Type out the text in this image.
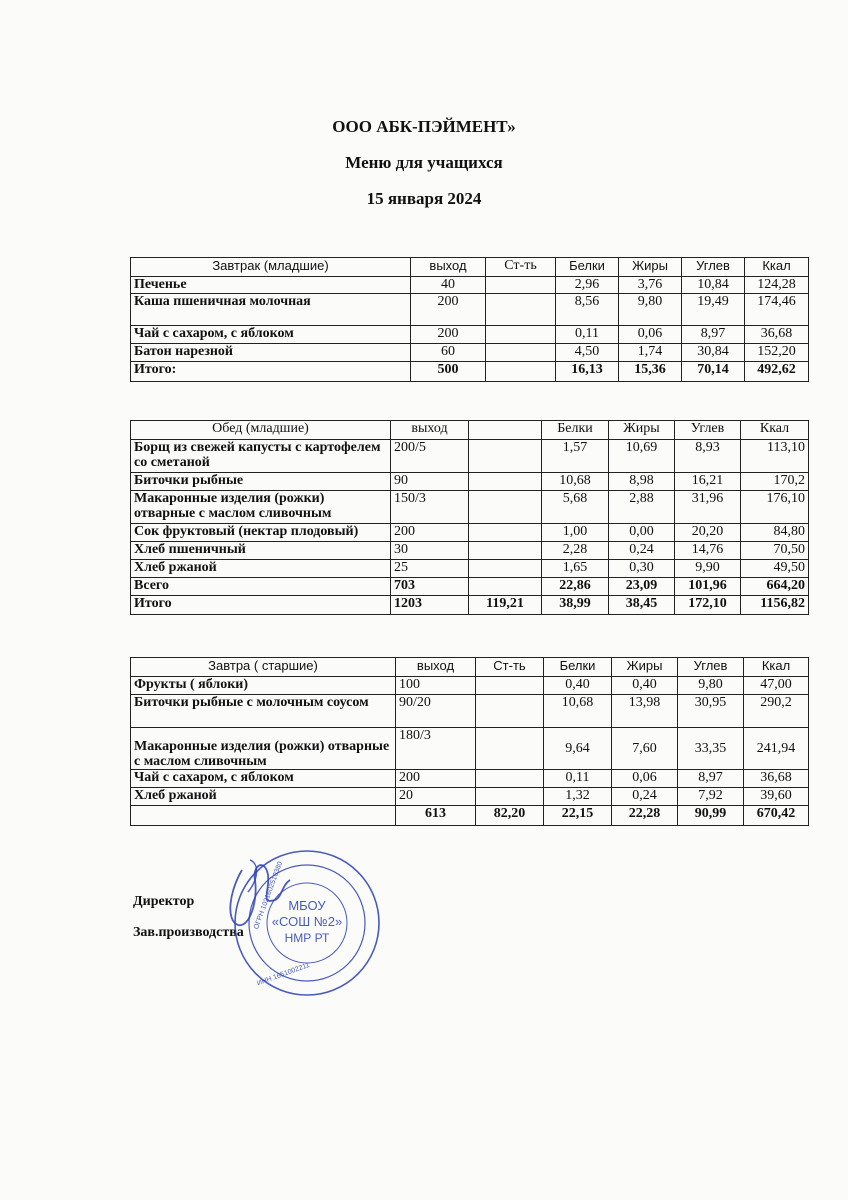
ООО АБК-ПЭЙМЕНТ»
Меню для учащихся
15 января 2024
Завтрак (младшие)	выход	Ст-ть	Белки	Жиры	Углев	Ккал
Печенье	40		2,96	3,76	10,84	124,28
Каша пшеничная молочная	200		8,56	9,80	19,49	174,46
Чай с сахаром, с яблоком	200		0,11	0,06	8,97	36,68
Батон нарезной	60		4,50	1,74	30,84	152,20
Итого:	500		16,13	15,36	70,14	492,62
Обед (младшие)	выход		Белки	Жиры	Углев	Ккал
Борщ из свежей капусты с картофелем со сметаной	200/5		1,57	10,69	8,93	113,10
Биточки рыбные	90		10,68	8,98	16,21	170,2
Макаронные изделия (рожки) отварные с маслом сливочным	150/3		5,68	2,88	31,96	176,10
Сок фруктовый (нектар плодовый)	200		1,00	0,00	20,20	84,80
Хлеб пшеничный	30		2,28	0,24	14,76	70,50
Хлеб ржаной	25		1,65	0,30	9,90	49,50
Всего	703		22,86	23,09	101,96	664,20
Итого	1203	119,21	38,99	38,45	172,10	1156,82
Завтра ( старшие)	выход	Ст-ть	Белки	Жиры	Углев	Ккал
Фрукты ( яблоки)	100		0,40	0,40	9,80	47,00
Биточки рыбные с молочным соусом	90/20		10,68	13,98	30,95	290,2
Макаронные изделия (рожки) отварные с маслом сливочным	180/3		9,64	7,60	33,35	241,94
Чай с сахаром, с яблоком	200		0,11	0,06	8,97	36,68
Хлеб ржаной	20		1,32	0,24	7,92	39,60
	613	82,20	22,15	22,28	90,99	670,42
Директор
Зав.производства
МБОУ
«СОШ №2»
НМР РТ
ОГРН 1021602510380
ИНН 1651002211
